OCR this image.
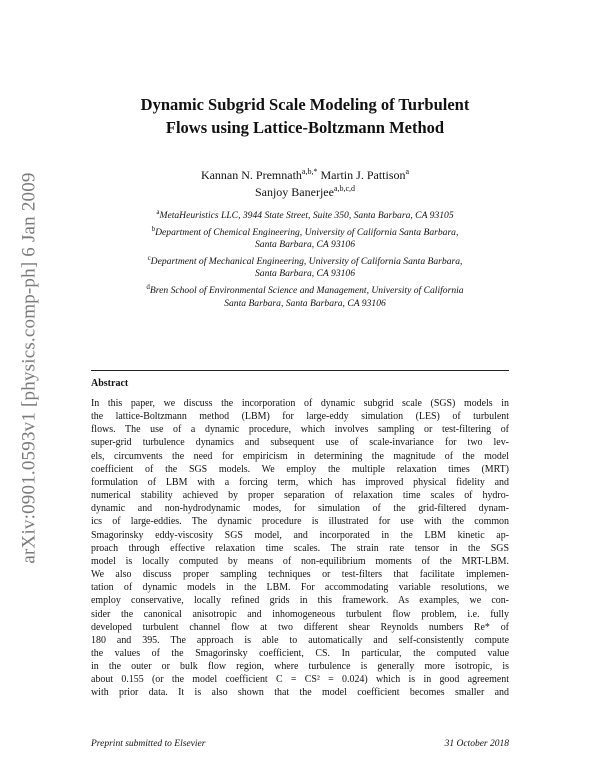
arXiv:0901.0593v1 [physics.comp-ph] 6 Jan 2009
Dynamic Subgrid Scale Modeling of Turbulent
Flows using Lattice-Boltzmann Method
Kannan N. Premnath$^{a,b,*}$ Martin J. Pattison$^a$
Sanjoy Banerjee$^{a,b,c,d}$
$^a$MetaHeuristics LLC, 3944 State Street, Suite 350, Santa Barbara, CA 93105
$^b$Department of Chemical Engineering, University of California Santa Barbara,
Santa Barbara, CA 93106
$^c$Department of Mechanical Engineering, University of California Santa Barbara,
Santa Barbara, CA 93106
$^d$Bren School of Environmental Science and Management, University of California
Santa Barbara, Santa Barbara, CA 93106
Abstract
In this paper, we discuss the incorporation of dynamic subgrid scale (SGS) models in
the lattice-Boltzmann method (LBM) for large-eddy simulation (LES) of turbulent
flows. The use of a dynamic procedure, which involves sampling or test-filtering of
super-grid turbulence dynamics and subsequent use of scale-invariance for two lev-
els, circumvents the need for empiricism in determining the magnitude of the model
coefficient of the SGS models. We employ the multiple relaxation times (MRT)
formulation of LBM with a forcing term, which has improved physical fidelity and
numerical stability achieved by proper separation of relaxation time scales of hydro-
dynamic and non-hydrodynamic modes, for simulation of the grid-filtered dynam-
ics of large-eddies. The dynamic procedure is illustrated for use with the common
Smagorinsky eddy-viscosity SGS model, and incorporated in the LBM kinetic ap-
proach through effective relaxation time scales. The strain rate tensor in the SGS
model is locally computed by means of non-equilibrium moments of the MRT-LBM.
We also discuss proper sampling techniques or test-filters that facilitate implemen-
tation of dynamic models in the LBM. For accommodating variable resolutions, we
employ conservative, locally refined grids in this framework. As examples, we con-
sider the canonical anisotropic and inhomogeneous turbulent flow problem, i.e. fully
developed turbulent channel flow at two different shear Reynolds numbers Re* of
180 and 395. The approach is able to automatically and self-consistently compute
the values of the Smagorinsky coefficient, CS. In particular, the computed value
in the outer or bulk flow region, where turbulence is generally more isotropic, is
about 0.155 (or the model coefficient C = CS² = 0.024) which is in good agreement
with prior data. It is also shown that the model coefficient becomes smaller and
Preprint submitted to Elsevier	31 October 2018
